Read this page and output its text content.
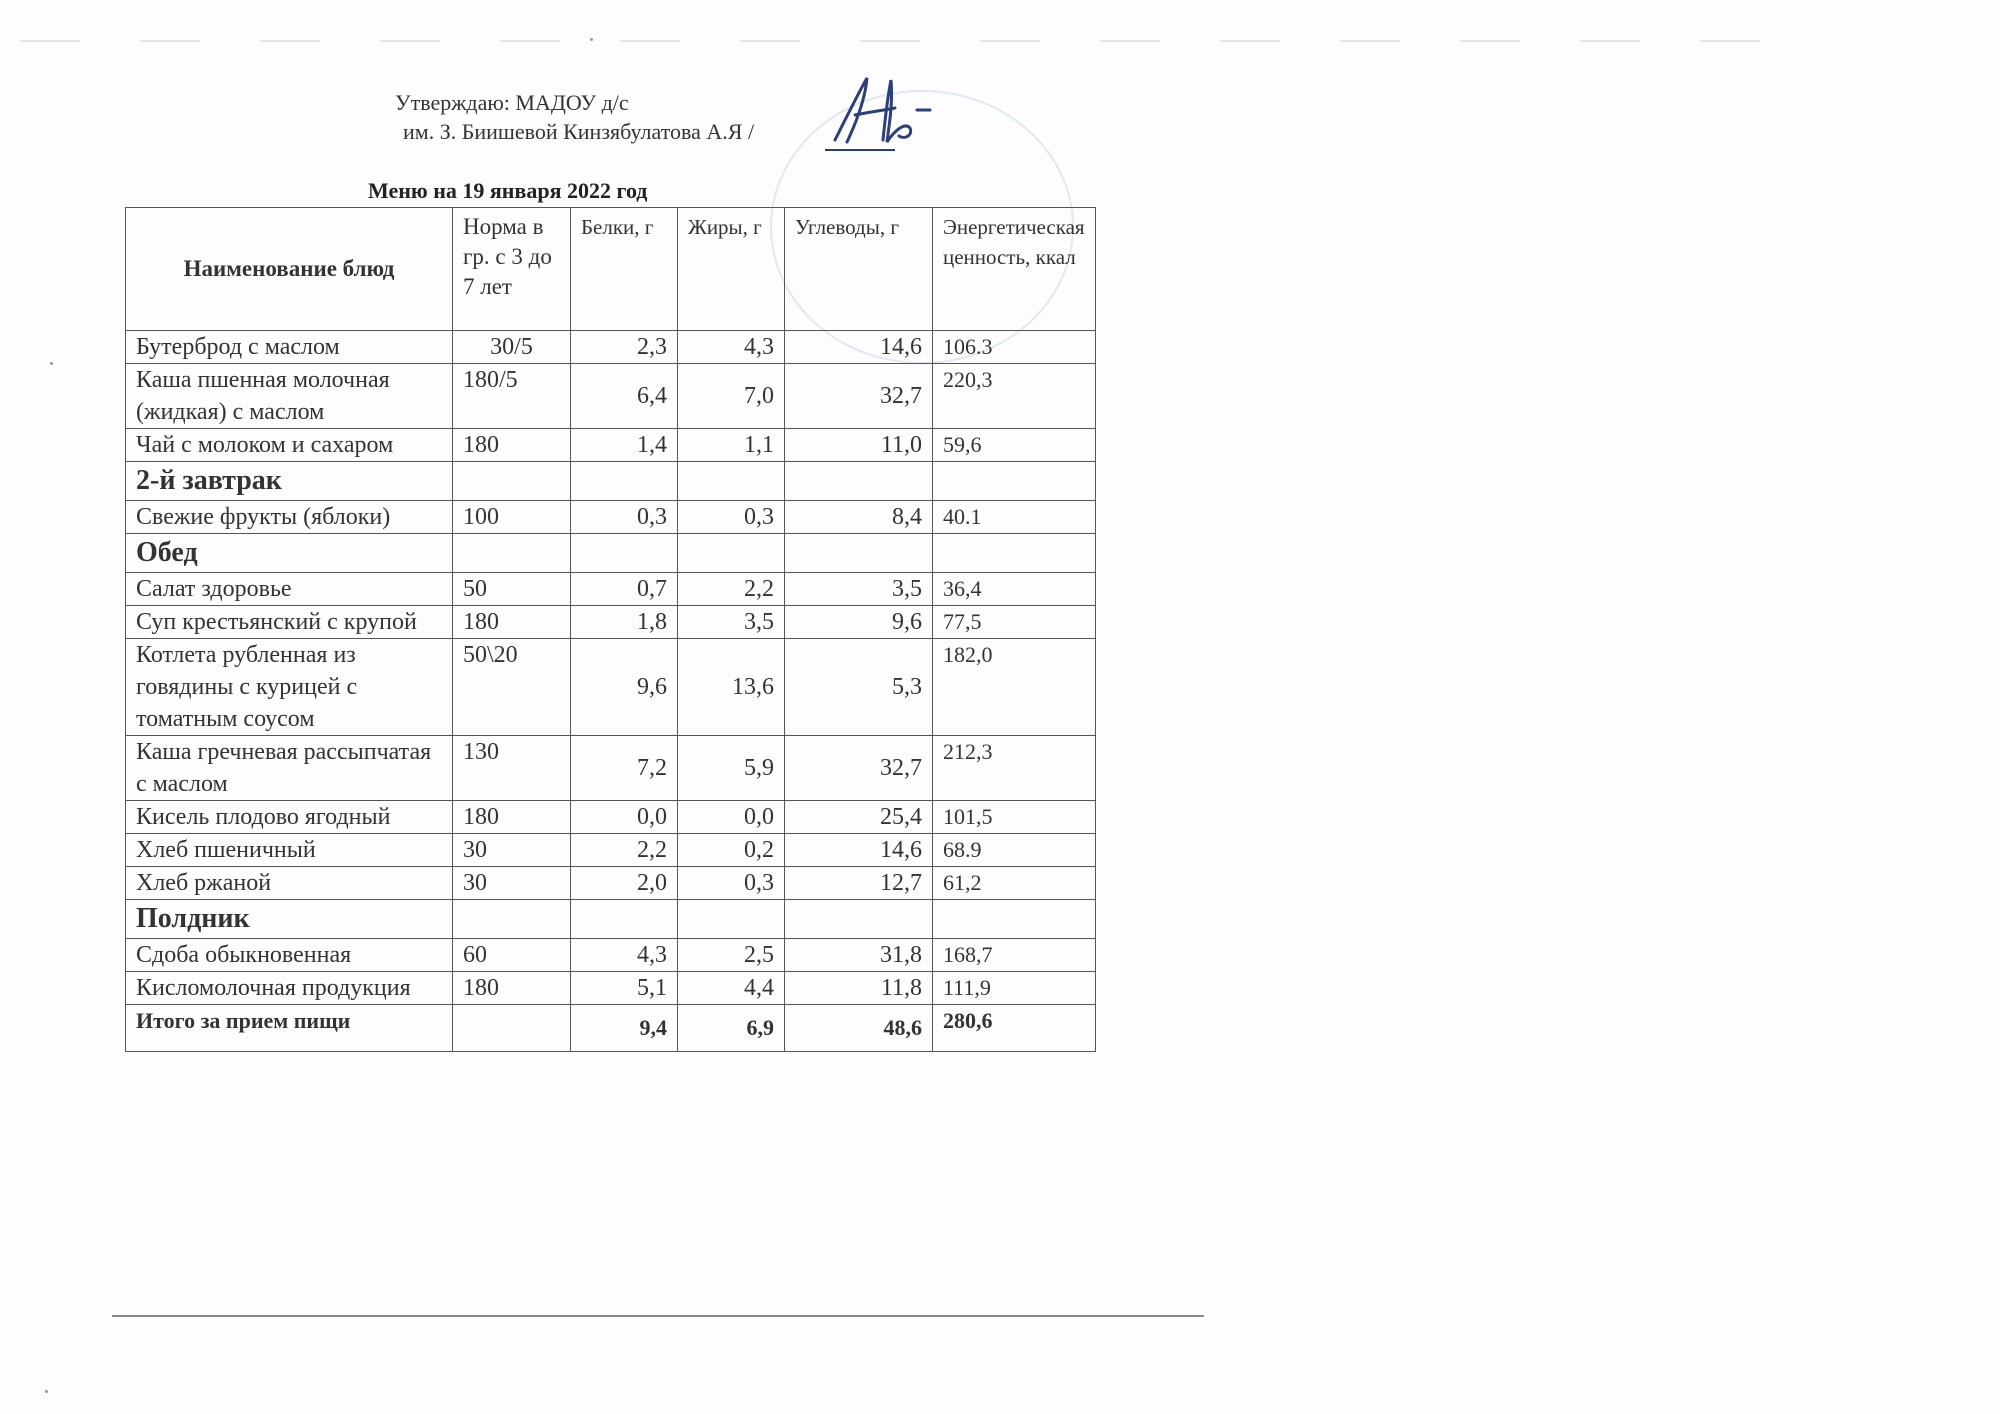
Утверждаю: МАДОУ д/с
им. З. Биишевой Кинзябулатова А.Я /
Меню на 19 января 2022 год
Наименование блюд	Норма в гр. с 3 до 7 лет	Белки, г	Жиры, г	Углеводы, г	Энергетическая ценность, ккал
Бутерброд с маслом	30/5	2,3	4,3	14,6	106.3
Каша пшенная молочная (жидкая) с маслом	180/5	6,4	7,0	32,7	220,3
Чай с молоком и сахаром	180	1,4	1,1	11,0	59,6
2-й завтрак					
Свежие фрукты (яблоки)	100	0,3	0,3	8,4	40.1
Обед					
Салат здоровье	50	0,7	2,2	3,5	36,4
Суп крестьянский с крупой	180	1,8	3,5	9,6	77,5
Котлета рубленная из говядины с курицей с томатным соусом	50\20	9,6	13,6	5,3	182,0
Каша гречневая рассыпчатая с маслом	130	7,2	5,9	32,7	212,3
Кисель плодово ягодный	180	0,0	0,0	25,4	101,5
Хлеб пшеничный	30	2,2	0,2	14,6	68.9
Хлеб ржаной	30	2,0	0,3	12,7	61,2
Полдник					
Сдоба обыкновенная	60	4,3	2,5	31,8	168,7
Кисломолочная продукция	180	5,1	4,4	11,8	111,9
Итого за прием пищи		9,4	6,9	48,6	280,6
